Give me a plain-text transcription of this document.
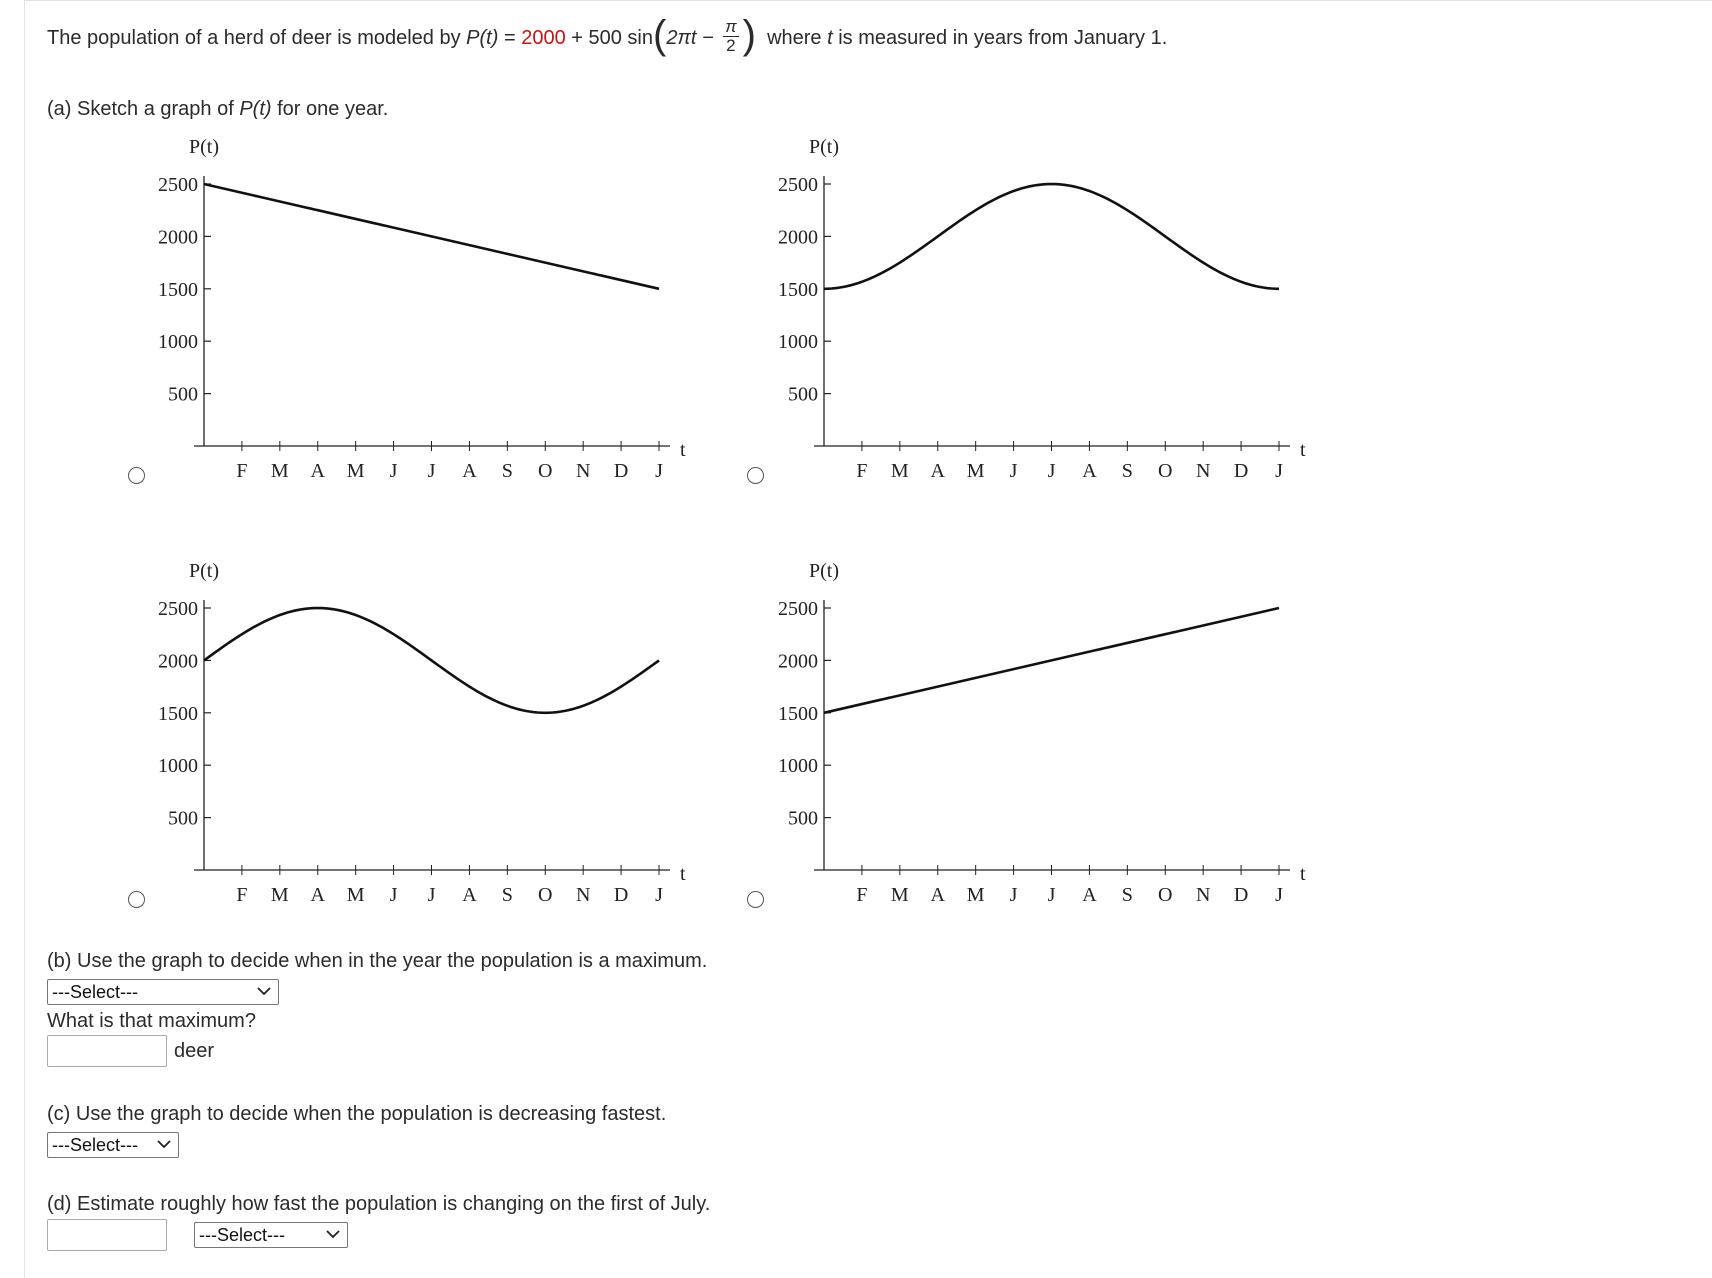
The population of a herd of deer is modeled by P(t) = 2000 + 500 $\sin(2\pi t - \frac{\pi}{2}$ ) where t is measured in years from January 1.
(a) Sketch a graph of P(t) for one year.
P(t)
t
2500
2000
1500
1000
500
F M A M J J A S O N D J
P(t)
t
2500
2000
1500
1000
500
F M A M J J A S O N D J
P(t)
t
2500
2000
1500
1000
500
F M A M J J A S O N D J
P(t)
t
2500
2000
1500
1000
500
F M A M J J A S O N D J
(b) Use the graph to decide when in the year the population is a maximum.
---Select---
What is that maximum?
deer
(c) Use the graph to decide when the population is decreasing fastest.
---Select---
(d) Estimate roughly how fast the population is changing on the first of July.
---Select---
